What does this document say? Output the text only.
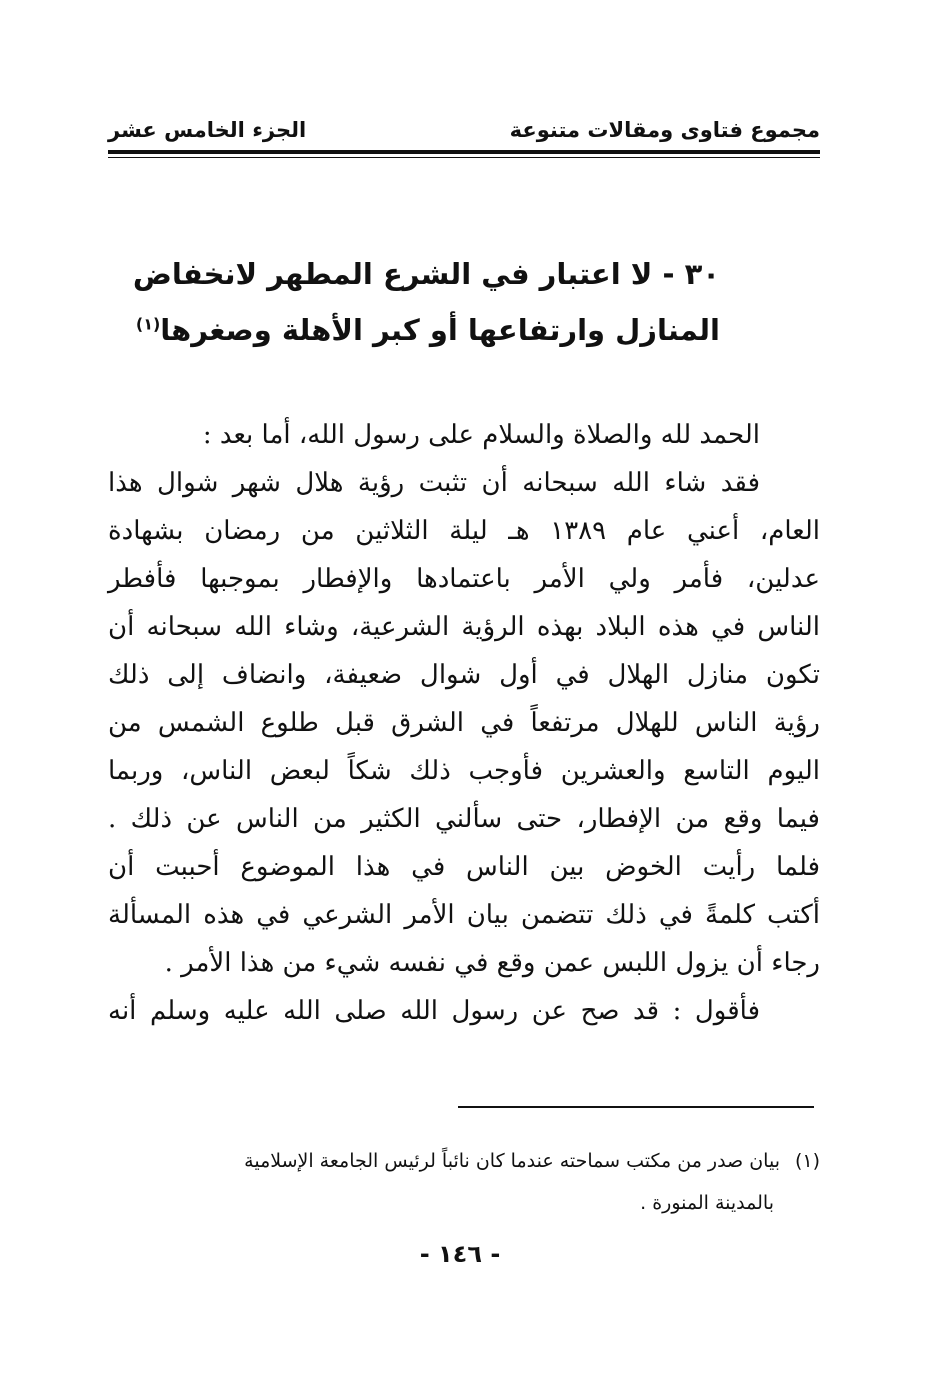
مجموع فتاوى ومقالات متنوعة
الجزء الخامس عشر
٣٠ - لا اعتبار في الشرع المطهر لانخفاض
المنازل وارتفاعها أو كبر الأهلة وصغرها$^{(١)}$
الحمد لله والصلاة والسلام على رسول الله، أما بعد :
فقد شاء الله سبحانه أن تثبت رؤية هلال شهر شوال هذا
العام، أعني عام ١٣٨٩ هـ ليلة الثلاثين من رمضان بشهادة
عدلين، فأمر ولي الأمر باعتمادها والإفطار بموجبها فأفطر
الناس في هذه البلاد بهذه الرؤية الشرعية، وشاء الله سبحانه أن
تكون منازل الهلال في أول شوال ضعيفة، وانضاف إلى ذلك
رؤية الناس للهلال مرتفعاً في الشرق قبل طلوع الشمس من
اليوم التاسع والعشرين فأوجب ذلك شكاً لبعض الناس، وربما
فيما وقع من الإفطار، حتى سألني الكثير من الناس عن ذلك .
فلما رأيت الخوض بين الناس في هذا الموضوع أحببت أن
أكتب كلمةً في ذلك تتضمن بيان الأمر الشرعي في هذه المسألة
رجاء أن يزول اللبس عمن وقع في نفسه شيء من هذا الأمر .
فأقول : قد صح عن رسول الله صلى الله عليه وسلم أنه
(١)بيان صدر من مكتب سماحته عندما كان نائباً لرئيس الجامعة الإسلامية
بالمدينة المنورة .
- ١٤٦ -
